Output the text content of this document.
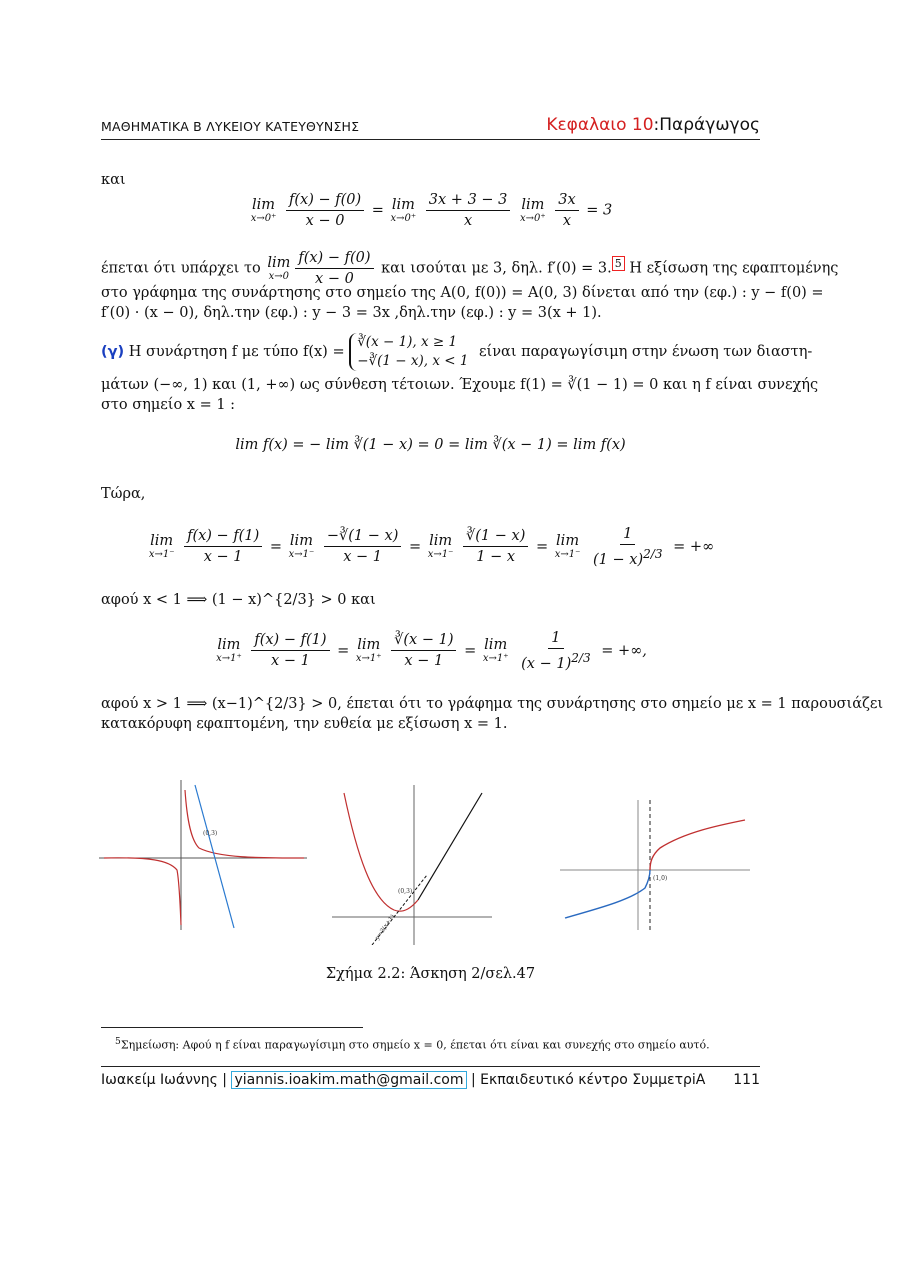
ΜΑΘΗΜΑΤΙΚΑ Β ΛΥΚΕΙΟΥ ΚΑΤΕΥΘΥΝΣΗΣ	Κεφαλαιο 10:Παράγωγος
και
lim
x→0⁺
$\frac{f(x) - f(0)}{x - 0} = \lim$
x→0⁺
$\frac{3x + 3 - 3}{x}$
lim
x→0⁺
$\frac{3x}{x} = 3$
έπεται ότι υπάρχει το lim
$x\to 0 \frac{f(x) - f(0)}{x - 0}$ και ισούται με 3, δηλ. f′(0) = 3. $^5$ Η εξίσωση της εφαπτομένης
στο γράφημα της συνάρτησης στο σημείο της A(0, f(0)) = A(0, 3) δίνεται από την (εφ.) : y − f(0) =
f′(0) · (x − 0), δηλ.την (εφ.) : y − 3 = 3x ,δηλ.την (εφ.) : y = 3(x + 1).
(γ) Η συνάρτηση f με τύπο f(x) =
∛(x − 1), x ≥ 1
−∛(1 − x), x < 1
είναι παραγωγίσιμη στην ένωση των διαστη-
μάτων (−∞, 1) και (1, +∞) ως σύνθεση τέτοιων. Έχουμε f(1) = ∛(1 − 1) = 0 και η f είναι συνεχής
στο σημείο x = 1 :
lim f(x) = − lim ∛(1 − x) = 0 = lim ∛(x − 1) = lim f(x)
Τώρα,
lim
x→1⁻
$\frac{f(x) - f(1)}{x - 1} = \lim$
x→1⁻
$\frac{-∛(1 - x)}{x - 1} = \lim$
x→1⁻
$\frac{∛(1 - x)}{1 - x} = \lim$
x→1⁻
$\frac{1}{(1 - x)^{2/3}}$ = +∞
αφού x < 1 ⟹ (1 − x)^{2/3} > 0 και
lim
x→1⁺
$\frac{f(x) - f(1)}{x - 1} = \lim$
x→1⁺
$\frac{∛(x - 1)}{x - 1} = \lim$
x→1⁺
$\frac{1}{(x - 1)^{2/3}}$ = +∞,
αφού x > 1 ⟹ (x−1)^{2/3} > 0, έπεται ότι το γράφημα της συνάρτησης στο σημείο με x = 1 παρουσιάζει
κατακόρυφη εφαπτομένη, την ευθεία με εξίσωση x = 1.
(0,3)
(0,3)
y=3(x+1)
(1,0)
Σχήμα 2.2: Άσκηση 2/σελ.47
$^5$Σημείωση: Αφού η f είναι παραγωγίσιμη στο σημείο x = 0, έπεται ότι είναι και συνεχής στο σημείο αυτό.
Ιωακείμ Ιωάννης | yiannis.ioakim.math@gmail.com | Εκπαιδευτικό κέντρο ΣυμμετρiΑ 111
